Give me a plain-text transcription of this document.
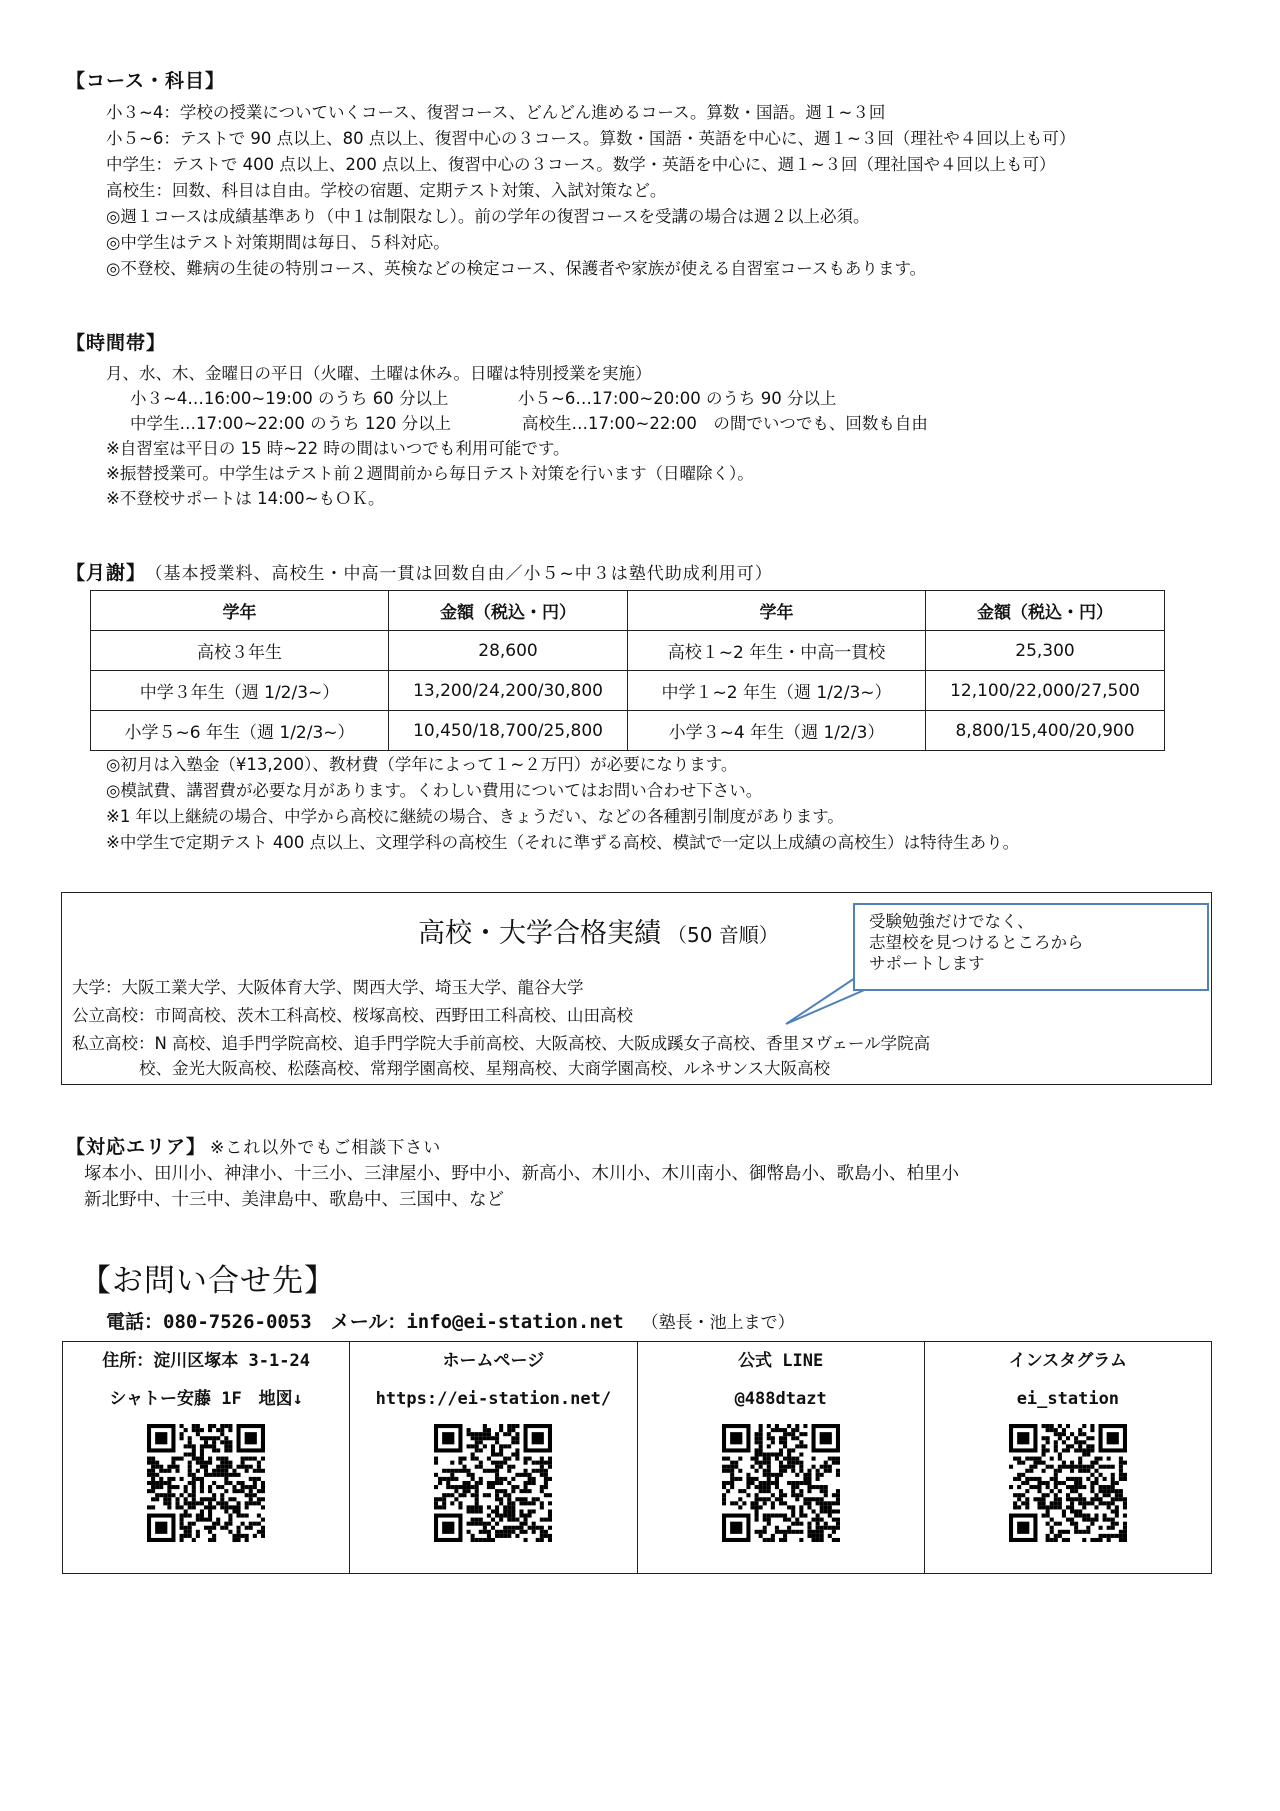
【コース・科目】
小３~4：学校の授業についていくコース、復習コース、どんどん進めるコース。算数・国語。週１~３回
小５~6：テストで 90 点以上、80 点以上、復習中心の３コース。算数・国語・英語を中心に、週１~３回（理社や４回以上も可）
中学生：テストで 400 点以上、200 点以上、復習中心の３コース。数学・英語を中心に、週１~３回（理社国や４回以上も可）
高校生：回数、科目は自由。学校の宿題、定期テスト対策、入試対策など。
◎週１コースは成績基準あり（中１は制限なし）。前の学年の復習コースを受講の場合は週２以上必須。
◎中学生はテスト対策期間は毎日、５科対応。
◎不登校、難病の生徒の特別コース、英検などの検定コース、保護者や家族が使える自習室コースもあります。
【時間帯】
月、水、木、金曜日の平日（火曜、土曜は休み。日曜は特別授業を実施）
小３~4…16:00~19:00 のうち 60 分以上	小５~6…17:00~20:00 のうち 90 分以上
中学生…17:00~22:00 のうち 120 分以上	高校生…17:00~22:00　の間でいつでも、回数も自由
※自習室は平日の 15 時~22 時の間はいつでも利用可能です。
※振替授業可。中学生はテスト前２週間前から毎日テスト対策を行います（日曜除く）。
※不登校サポートは 14:00~もＯＫ。
【月謝】 （基本授業料、高校生・中高一貫は回数自由／小５~中３は塾代助成利用可）
学年	金額（税込・円）	学年	金額（税込・円）
高校３年生	28,600	高校１~2 年生・中高一貫校	25,300
中学３年生（週 1/2/3~）	13,200/24,200/30,800	中学１~2 年生（週 1/2/3~）	12,100/22,000/27,500
小学５~6 年生（週 1/2/3~）	10,450/18,700/25,800	小学３~4 年生（週 1/2/3）	8,800/15,400/20,900
◎初月は入塾金（¥13,200）、教材費（学年によって１~２万円）が必要になります。
◎模試費、講習費が必要な月があります。くわしい費用についてはお問い合わせ下さい。
※1 年以上継続の場合、中学から高校に継続の場合、きょうだい、などの各種割引制度があります。
※中学生で定期テスト 400 点以上、文理学科の高校生（それに準ずる高校、模試で一定以上成績の高校生）は特待生あり。
高校・大学合格実績 （50 音順）
大学：大阪工業大学、大阪体育大学、関西大学、埼玉大学、龍谷大学
公立高校：市岡高校、茨木工科高校、桜塚高校、西野田工科高校、山田高校
私立高校：N 高校、追手門学院高校、追手門学院大手前高校、大阪高校、大阪成蹊女子高校、香里ヌヴェール学院高
校、金光大阪高校、松蔭高校、常翔学園高校、星翔高校、大商学園高校、ルネサンス大阪高校
受験勉強だけでなく、
志望校を見つけるところから
サポートします
【対応エリア】 ※これ以外でもご相談下さい
塚本小、田川小、神津小、十三小、三津屋小、野中小、新高小、木川小、木川南小、御幣島小、歌島小、柏里小
新北野中、十三中、美津島中、歌島中、三国中、など
【お問い合せ先】
電話：080-7526-0053　メール：info@ei-station.net （塾長・池上まで）
住所：淀川区塚本 3-1-24
シャトー安藤 1F　地図↓

ホームページ
https://ei-station.net/

公式 LINE
@488dtazt

インスタグラム
ei_station
